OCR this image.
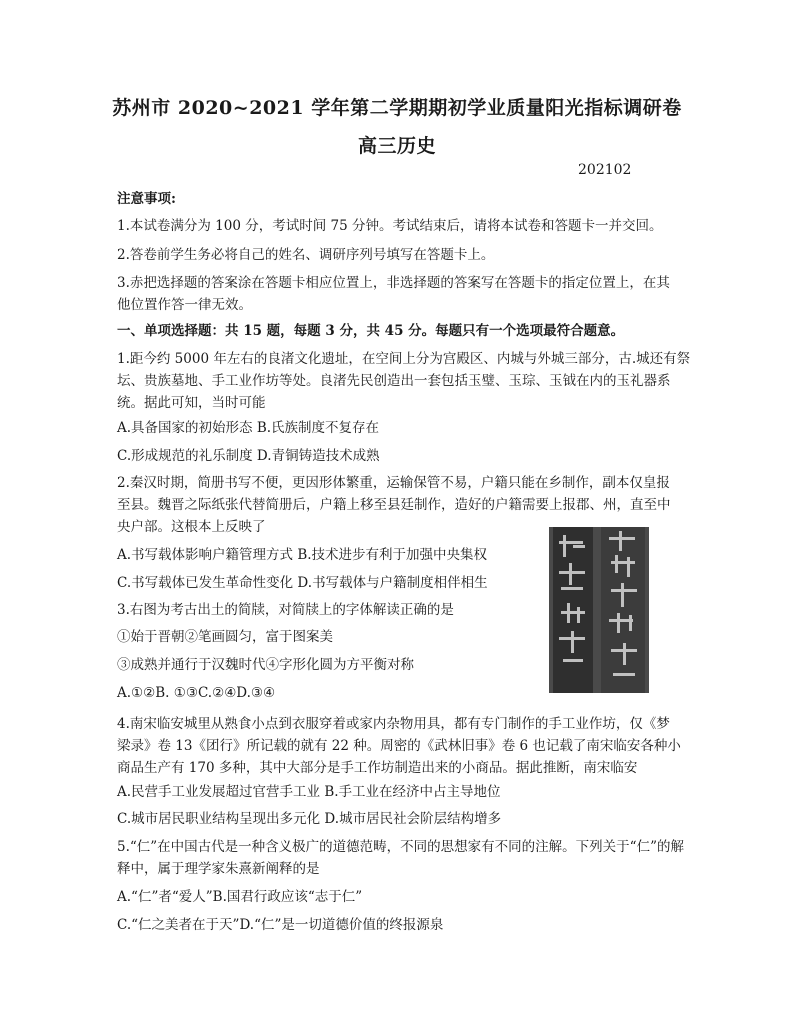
苏州市 2020~2021 学年第二学期期初学业质量阳光指标调研卷
高三历史
202102
注意事项:
1.本试卷满分为 100 分，考试时间 75 分钟。考试结束后，请将本试卷和答题卡一并交回。
2.答卷前学生务必将自己的姓名、调研序列号填写在答题卡上。
3.赤把选择题的答案涂在答题卡相应位置上，非选择题的答案写在答题卡的指定位置上，在其
他位置作答一律无效。
一、单项选择题：共 15 题，每题 3 分，共 45 分。每题只有一个选项最符合题意。
1.距今约 5000 年左右的良渚文化遗址，在空间上分为宫殿区、内城与外城三部分，古.城还有祭
坛、贵族墓地、手工业作坊等处。良渚先民创造出一套包括玉璧、玉琮、玉钺在内的玉礼器系
统。据此可知，当时可能
A.具备国家的初始形态 B.氏族制度不复存在
C.形成规范的礼乐制度 D.青铜铸造技术成熟
2.秦汉时期，简册书写不便，更因形体繁重，运输保管不易，户籍只能在乡制作，副本仅皇报
至县。魏晋之际纸张代替简册后，户籍上移至县廷制作，造好的户籍需要上报郡、州，直至中
央户部。这根本上反映了
A.书写载体影响户籍管理方式 B.技术进步有利于加强中央集权
C.书写载体已发生革命性变化 D.书写载体与户籍制度相伴相生
3.右图为考古出土的简牍，对简牍上的字体解读正确的是
①始于晋朝②笔画圆匀，富于图案美
③成熟并通行于汉魏时代④字形化圆为方平衡对称
A.①②B. ①③C.②④D.③④
4.南宋临安城里从熟食小点到衣服穿着或家内杂物用具，都有专门制作的手工业作坊，仅《梦
梁录》卷 13《团行》所记载的就有 22 种。周密的《武林旧事》卷 6 也记载了南宋临安各种小
商品生产有 170 多种，其中大部分是手工作坊制造出来的小商品。据此推断，南宋临安
A.民营手工业发展超过官营手工业 B.手工业在经济中占主导地位
C.城市居民职业结构呈现出多元化 D.城市居民社会阶层结构增多
5.“仁”在中国古代是一种含义极广的道德范畴，不同的思想家有不同的注解。下列关于“仁”的解
释中，属于理学家朱熹新阐释的是
A.“仁”者“爱人”B.国君行政应该“志于仁”
C.“仁之美者在于天”D.“仁”是一切道德价值的终报源泉
